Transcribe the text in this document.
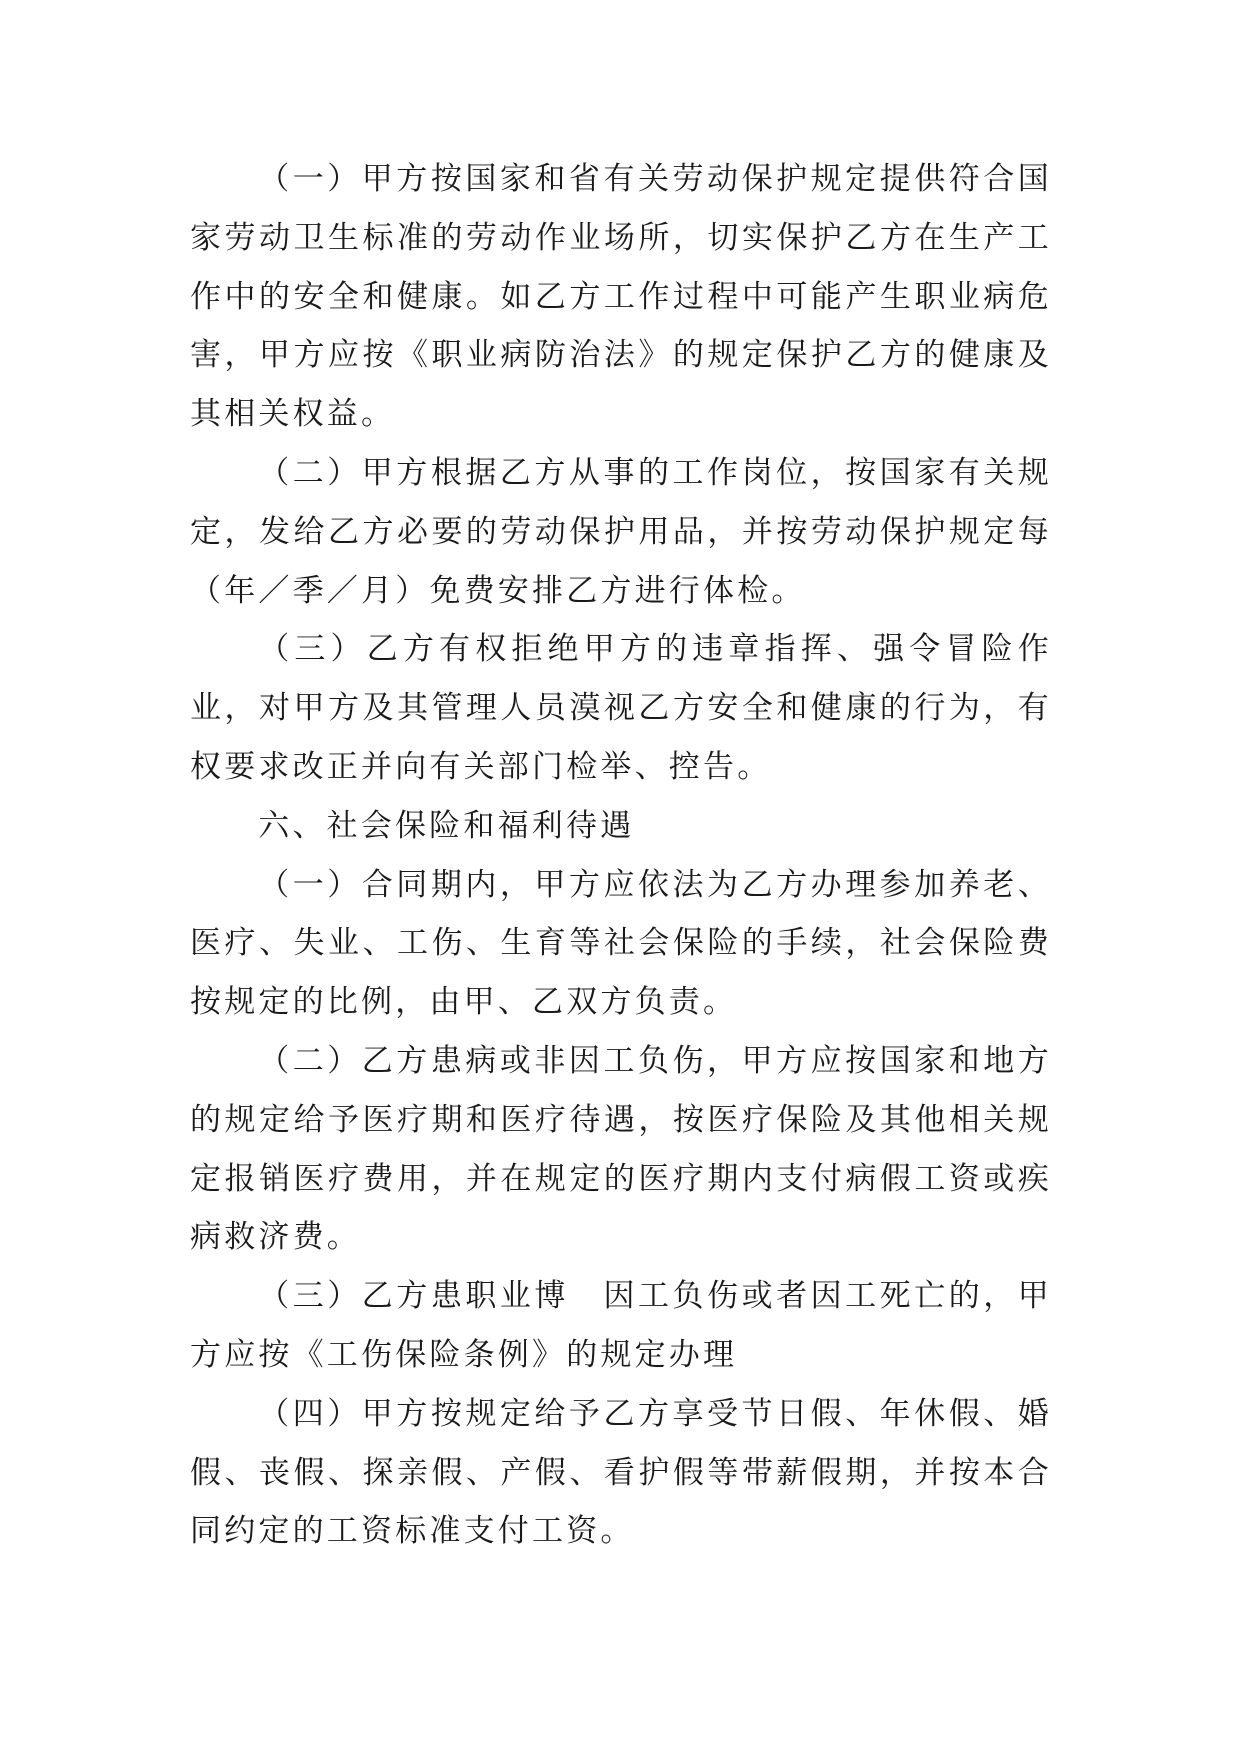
（一）甲方按国家和省有关劳动保护规定提供符合国家劳动卫生标准的劳动作业场所，切实保护乙方在生产工作中的安全和健康。如乙方工作过程中可能产生职业病危害，甲方应按《职业病防治法》的规定保护乙方的健康及其相关权益。

（二）甲方根据乙方从事的工作岗位，按国家有关规定，发给乙方必要的劳动保护用品，并按劳动保护规定每　（年／季／月）免费安排乙方进行体检。

（三）乙方有权拒绝甲方的违章指挥、强令冒险作业，对甲方及其管理人员漠视乙方安全和健康的行为，有权要求改正并向有关部门检举、控告。

六、社会保险和福利待遇

（一）合同期内，甲方应依法为乙方办理参加养老、医疗、失业、工伤、生育等社会保险的手续，社会保险费按规定的比例，由甲、乙双方负责。

（二）乙方患病或非因工负伤，甲方应按国家和地方的规定给予医疗期和医疗待遇，按医疗保险及其他相关规定报销医疗费用，并在规定的医疗期内支付病假工资或疾病救济费。

（三）乙方患职业博　因工负伤或者因工死亡的，甲方应按《工伤保险条例》的规定办理

（四）甲方按规定给予乙方享受节日假、年休假、婚假、丧假、探亲假、产假、看护假等带薪假期，并按本合同约定的工资标准支付工资。
